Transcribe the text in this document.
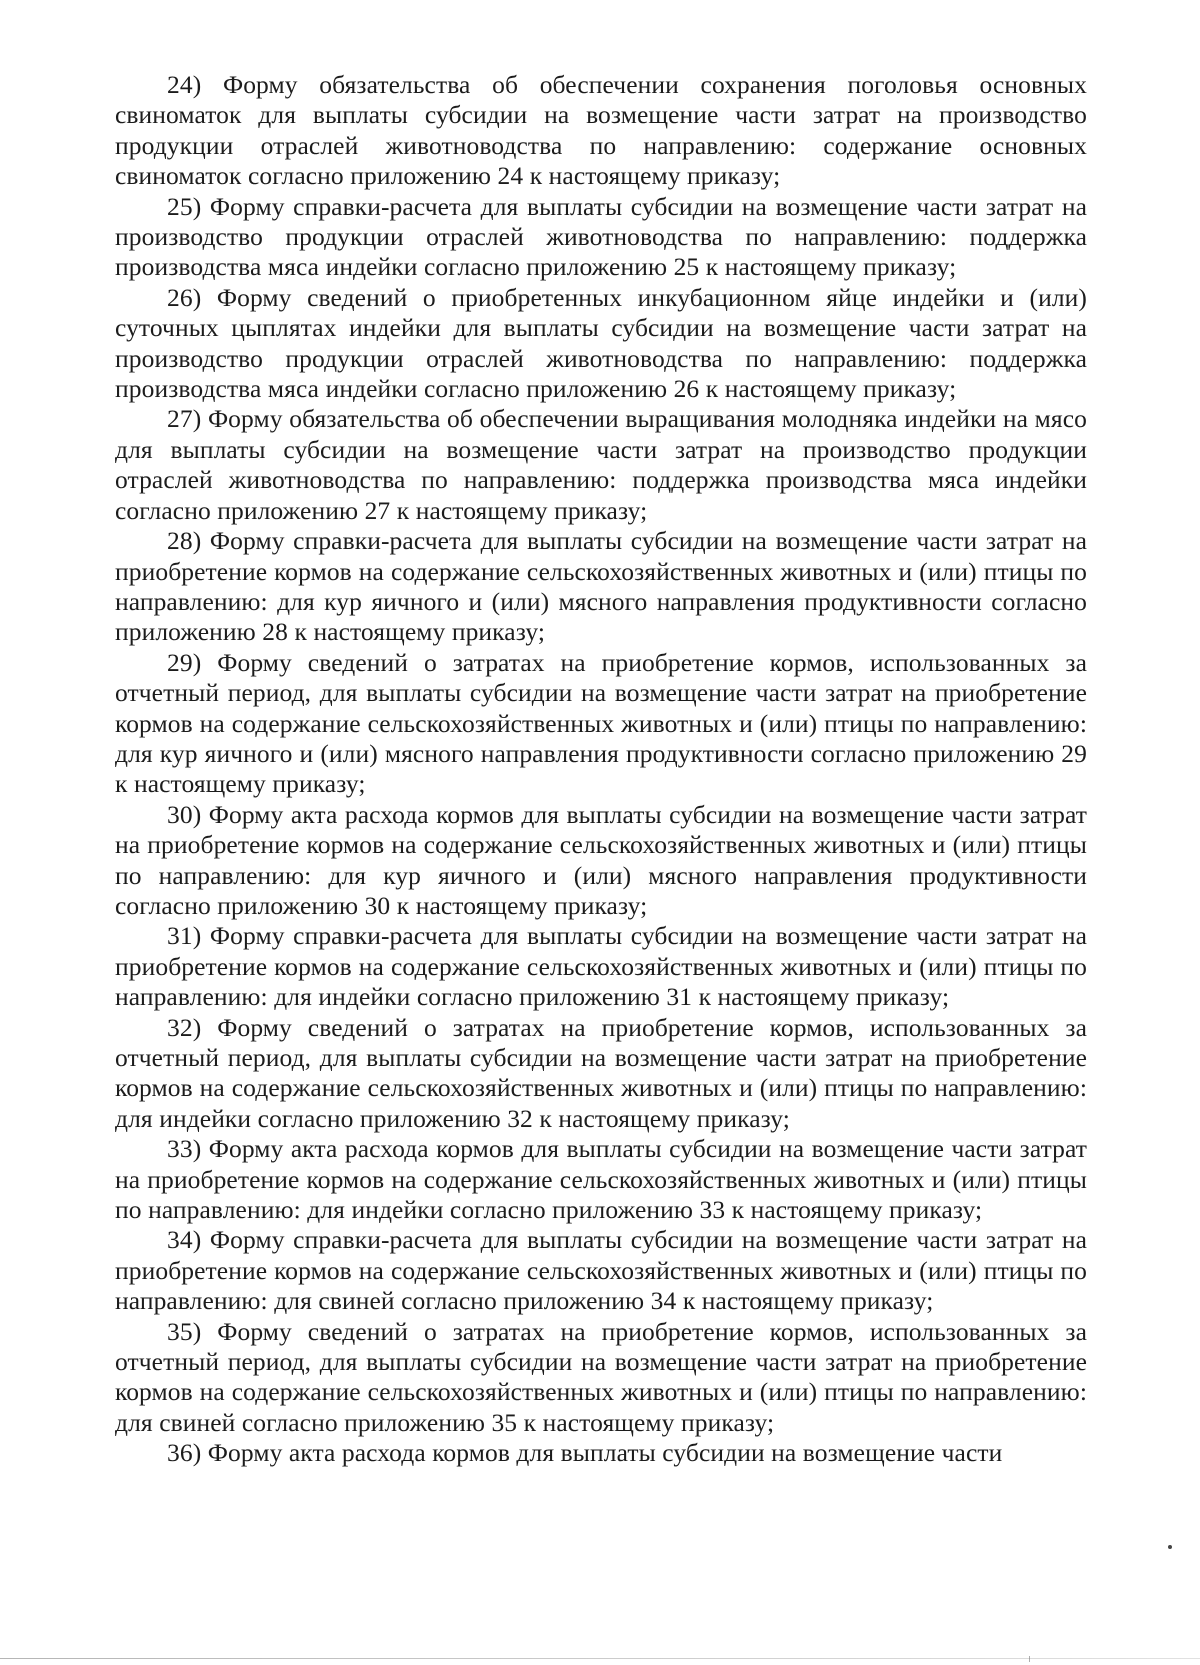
24) Форму обязательства об обеспечении сохранения поголовья основных свиноматок для выплаты субсидии на возмещение части затрат на производство продукции отраслей животноводства по направлению: содержание основных свиноматок согласно приложению 24 к настоящему приказу;

25) Форму справки-расчета для выплаты субсидии на возмещение части затрат на производство продукции отраслей животноводства по направлению: поддержка производства мяса индейки согласно приложению 25 к настоящему приказу;

26) Форму сведений о приобретенных инкубационном яйце индейки и (или) суточных цыплятах индейки для выплаты субсидии на возмещение части затрат на производство продукции отраслей животноводства по направлению: поддержка производства мяса индейки согласно приложению 26 к настоящему приказу;

27) Форму обязательства об обеспечении выращивания молодняка индейки на мясо для выплаты субсидии на возмещение части затрат на производство продукции отраслей животноводства по направлению: поддержка производства мяса индейки согласно приложению 27 к настоящему приказу;

28) Форму справки-расчета для выплаты субсидии на возмещение части затрат на приобретение кормов на содержание сельскохозяйственных животных и (или) птицы по направлению: для кур яичного и (или) мясного направления продуктивности согласно приложению 28 к настоящему приказу;

29) Форму сведений о затратах на приобретение кормов, использованных за отчетный период, для выплаты субсидии на возмещение части затрат на приобретение кормов на содержание сельскохозяйственных животных и (или) птицы по направлению: для кур яичного и (или) мясного направления продуктивности согласно приложению 29 к настоящему приказу;

30) Форму акта расхода кормов для выплаты субсидии на возмещение части затрат на приобретение кормов на содержание сельскохозяйственных животных и (или) птицы по направлению: для кур яичного и (или) мясного направления продуктивности согласно приложению 30 к настоящему приказу;

31) Форму справки-расчета для выплаты субсидии на возмещение части затрат на приобретение кормов на содержание сельскохозяйственных животных и (или) птицы по направлению: для индейки согласно приложению 31 к настоящему приказу;

32) Форму сведений о затратах на приобретение кормов, использованных за отчетный период, для выплаты субсидии на возмещение части затрат на приобретение кормов на содержание сельскохозяйственных животных и (или) птицы по направлению: для индейки согласно приложению 32 к настоящему приказу;

33) Форму акта расхода кормов для выплаты субсидии на возмещение части затрат на приобретение кормов на содержание сельскохозяйственных животных и (или) птицы по направлению: для индейки согласно приложению 33 к настоящему приказу;

34) Форму справки-расчета для выплаты субсидии на возмещение части затрат на приобретение кормов на содержание сельскохозяйственных животных и (или) птицы по направлению: для свиней согласно приложению 34 к настоящему приказу;

35) Форму сведений о затратах на приобретение кормов, использованных за отчетный период, для выплаты субсидии на возмещение части затрат на приобретение кормов на содержание сельскохозяйственных животных и (или) птицы по направлению: для свиней согласно приложению 35 к настоящему приказу;

36) Форму акта расхода кормов для выплаты субсидии на возмещение части
